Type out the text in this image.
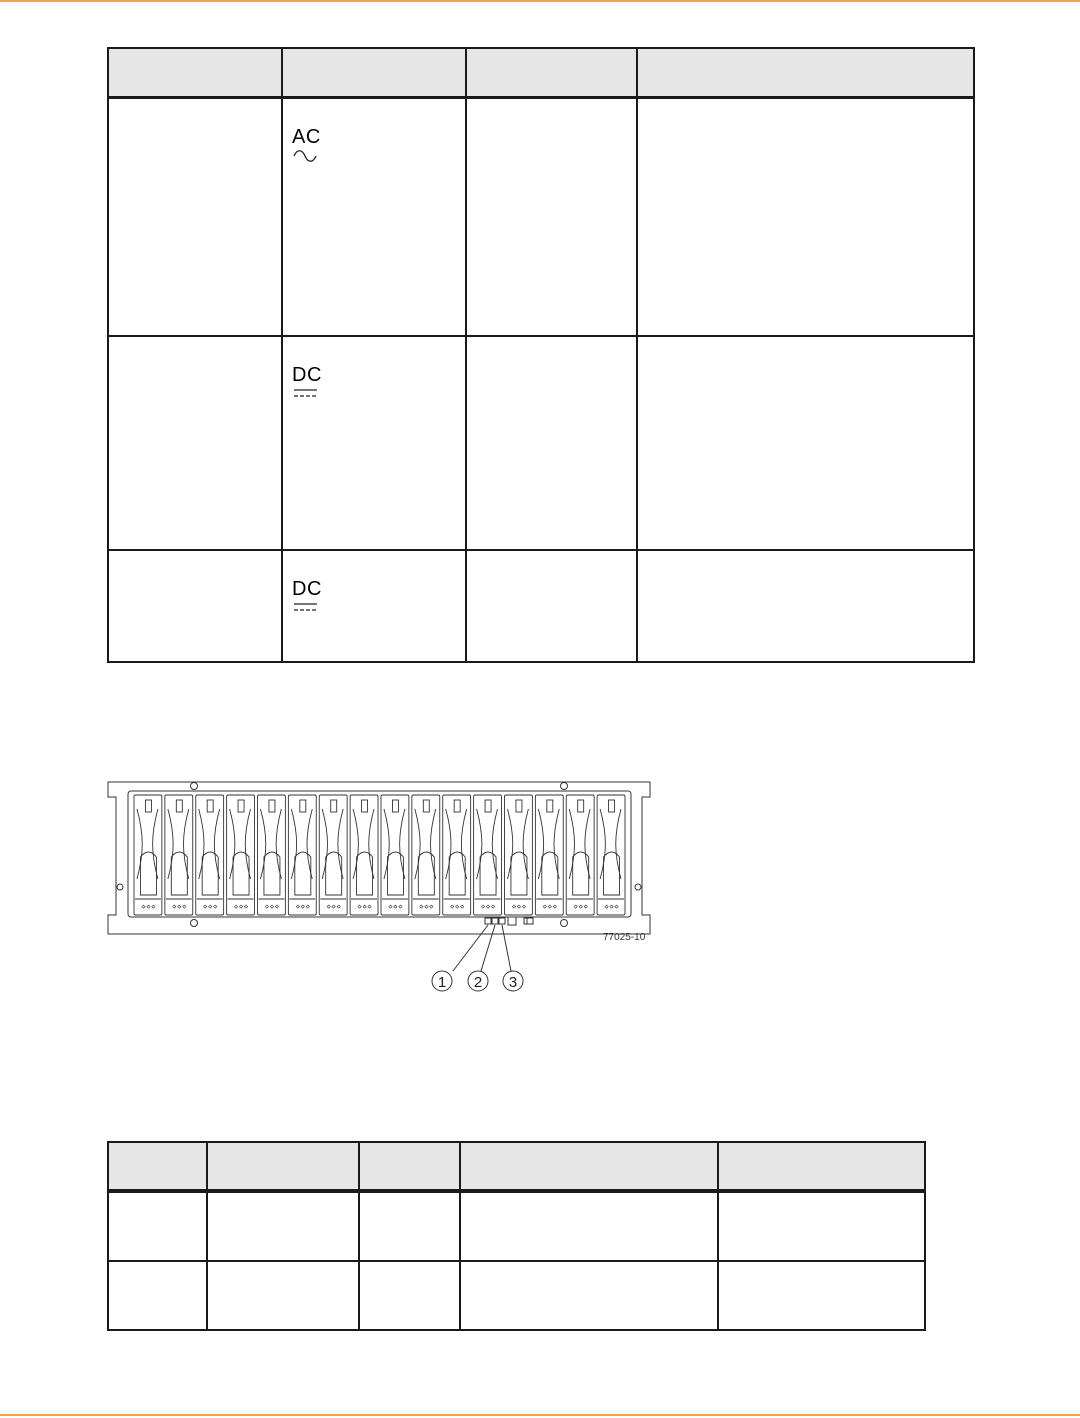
	AC		

	DC		

	DC		

77025-10
1 2 3
